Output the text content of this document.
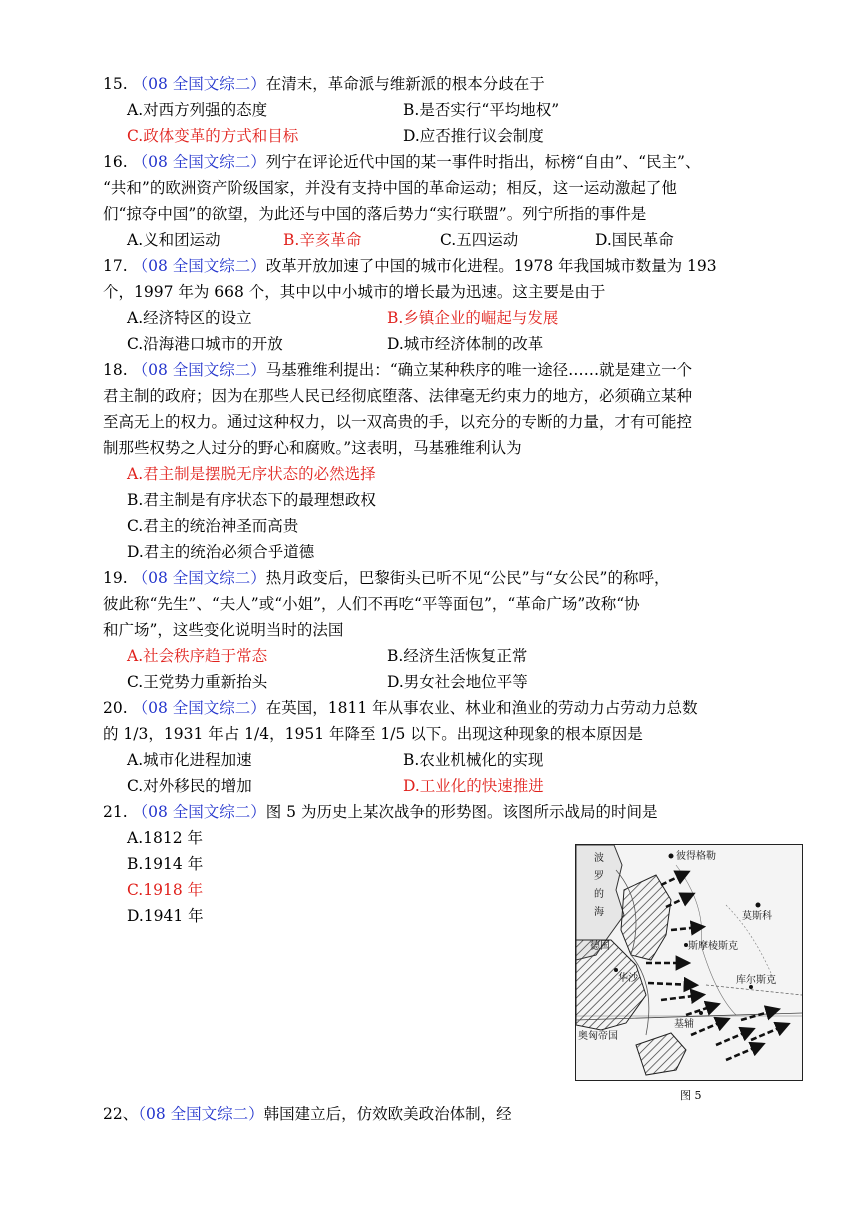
15. （08 全国文综二）在清末，革命派与维新派的根本分歧在于
A.对西方列强的态度	B.是否实行“平均地权”
C.政体变革的方式和目标	D.应否推行议会制度
16. （08 全国文综二）列宁在评论近代中国的某一事件时指出，标榜“自由”、“民主”、
“共和”的欧洲资产阶级国家，并没有支持中国的革命运动；相反，这一运动激起了他
们“掠夺中国”的欲望，为此还与中国的落后势力“实行联盟”。列宁所指的事件是
A.义和团运动	B.辛亥革命	C.五四运动	D.国民革命
17. （08 全国文综二）改革开放加速了中国的城市化进程。1978 年我国城市数量为 193
个，1997 年为 668 个，其中以中小城市的增长最为迅速。这主要是由于
A.经济特区的设立	B.乡镇企业的崛起与发展
C.沿海港口城市的开放	D.城市经济体制的改革
18. （08 全国文综二）马基雅维利提出：“确立某种秩序的唯一途径……就是建立一个
君主制的政府；因为在那些人民已经彻底堕落、法律毫无约束力的地方，必须确立某种
至高无上的权力。通过这种权力，以一双高贵的手，以充分的专断的力量，才有可能控
制那些权势之人过分的野心和腐败。”这表明，马基雅维利认为
A.君主制是摆脱无序状态的必然选择
B.君主制是有序状态下的最理想政权
C.君主的统治神圣而高贵
D.君主的统治必须合乎道德
19. （08 全国文综二）热月政变后，巴黎街头已听不见“公民”与“女公民”的称呼，
彼此称“先生”、“夫人”或“小姐”，人们不再吃“平等面包”，“革命广场”改称“协
和广场”，这些变化说明当时的法国
A.社会秩序趋于常态	B.经济生活恢复正常
C.王党势力重新抬头	D.男女社会地位平等
20. （08 全国文综二）在英国，1811 年从事农业、林业和渔业的劳动力占劳动力总数
的 1/3，1931 年占 1/4，1951 年降至 1/5 以下。出现这种现象的根本原因是
A.城市化进程加速	B.农业机械化的实现
C.对外移民的增加	D.工业化的快速推进
21. （08 全国文综二）图 5 为历史上某次战争的形势图。该图所示战局的时间是
A.1812 年
B.1914 年
C.1918 年
D.1941 年
彼得格勒
波
罗
的
海	莫斯科
德国	斯摩棱斯克
华沙	库尔斯克
基辅
奥匈帝国
图 5
22、（08 全国文综二）韩国建立后，仿效欧美政治体制，经
